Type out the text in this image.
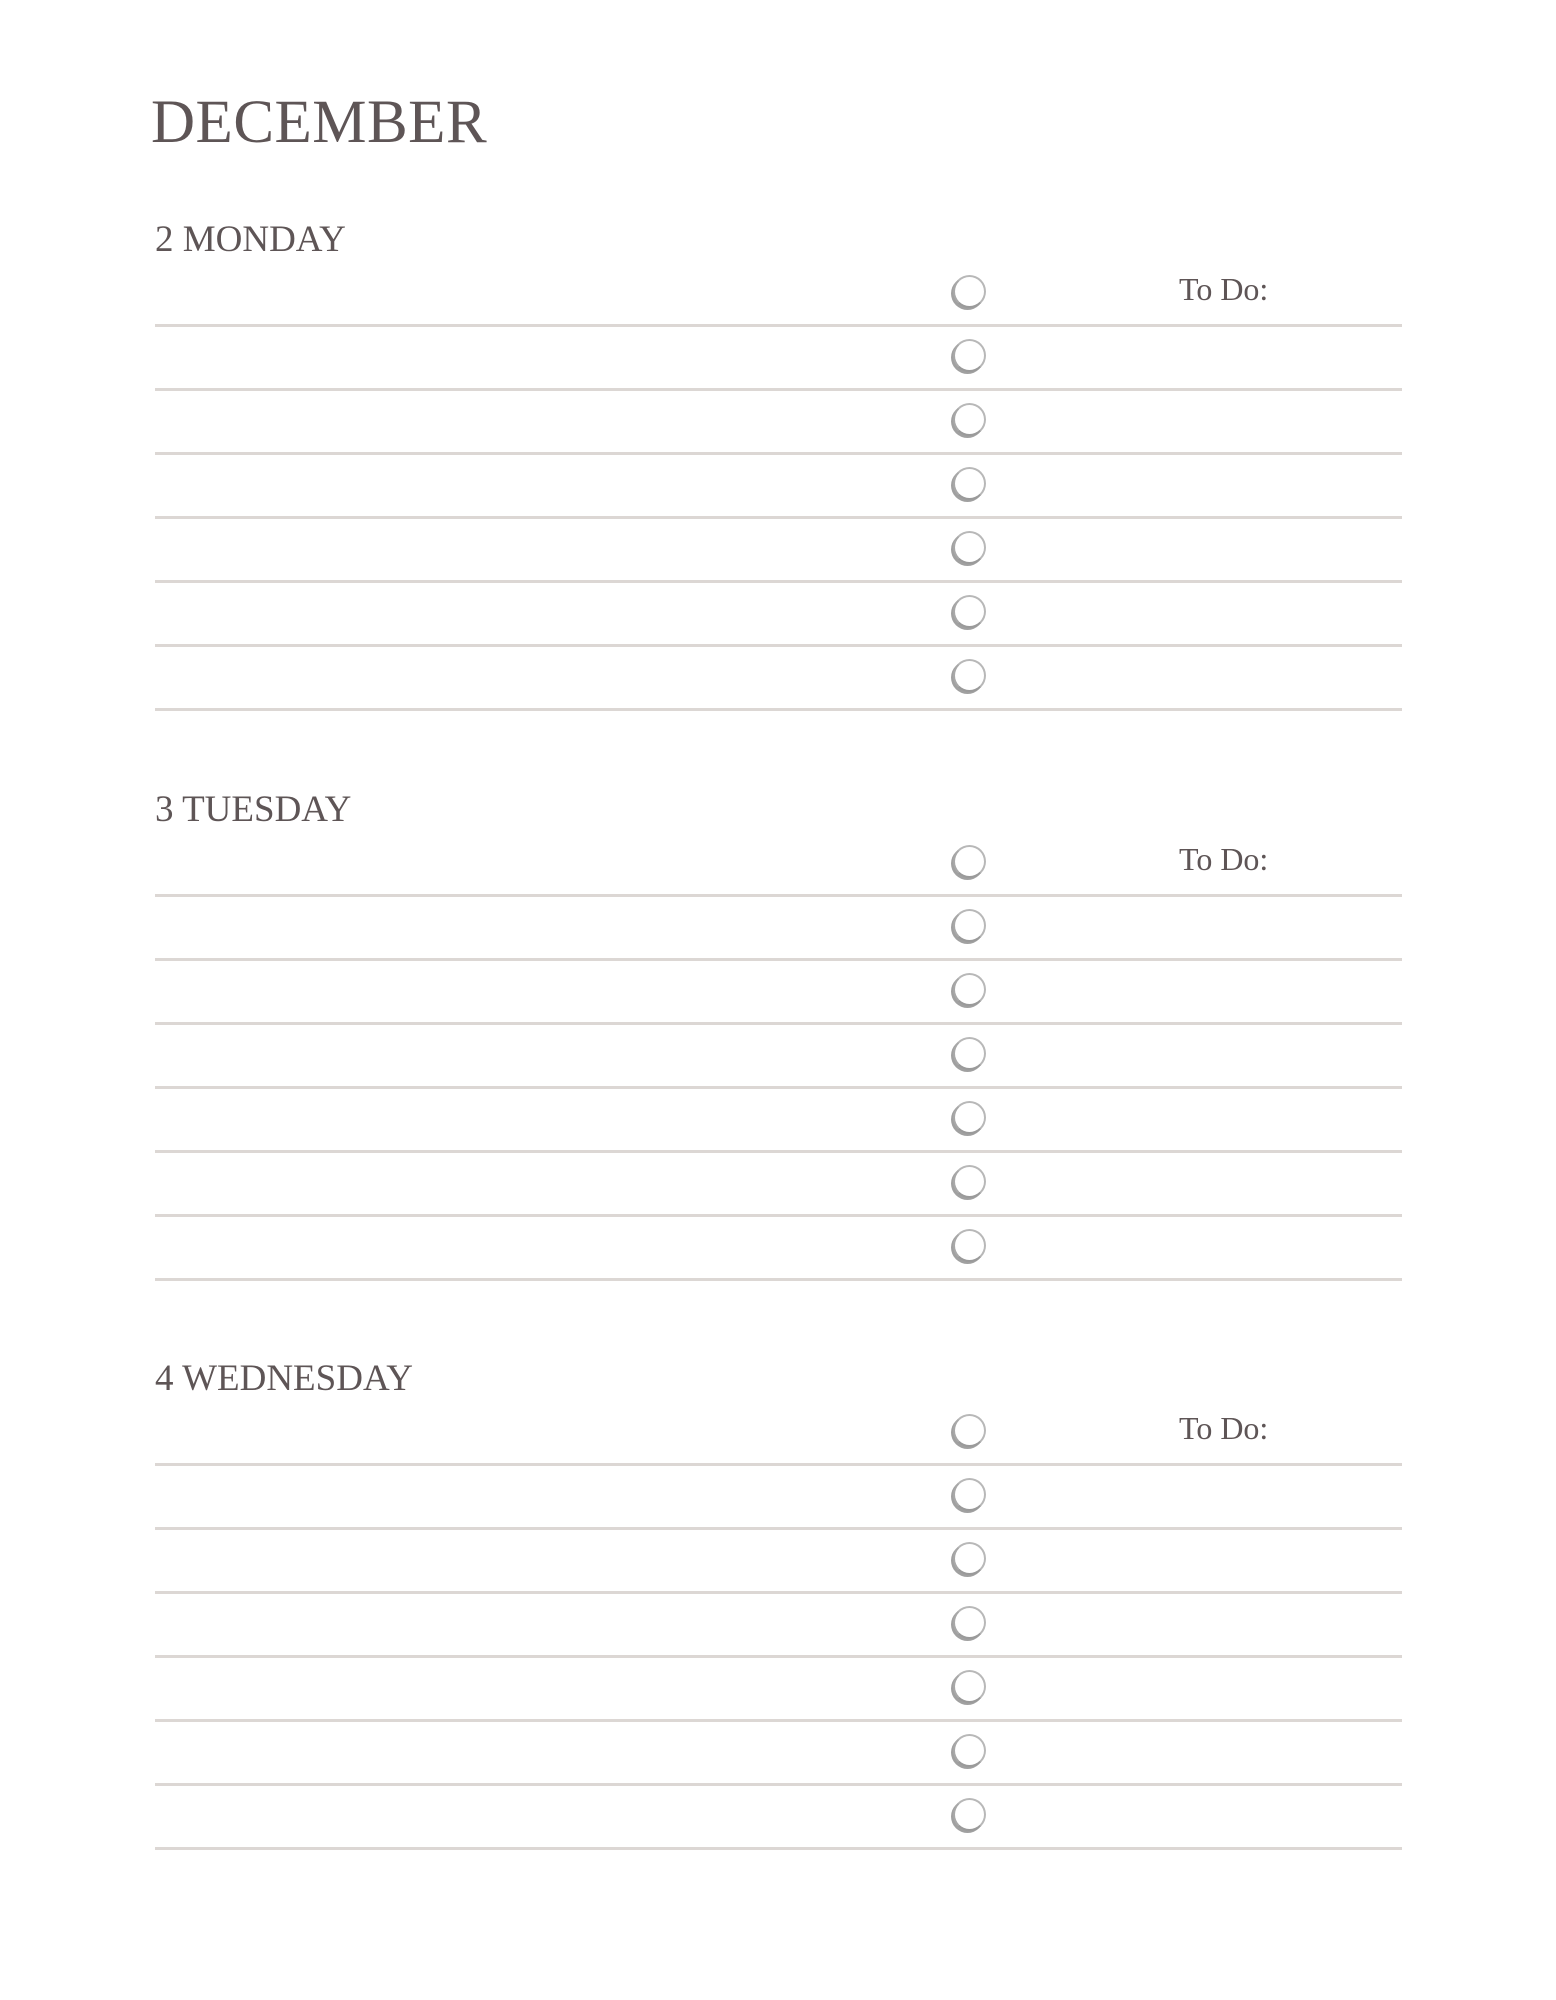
DECEMBER
2 MONDAY
To Do:
3 TUESDAY
To Do:
4 WEDNESDAY
To Do:
